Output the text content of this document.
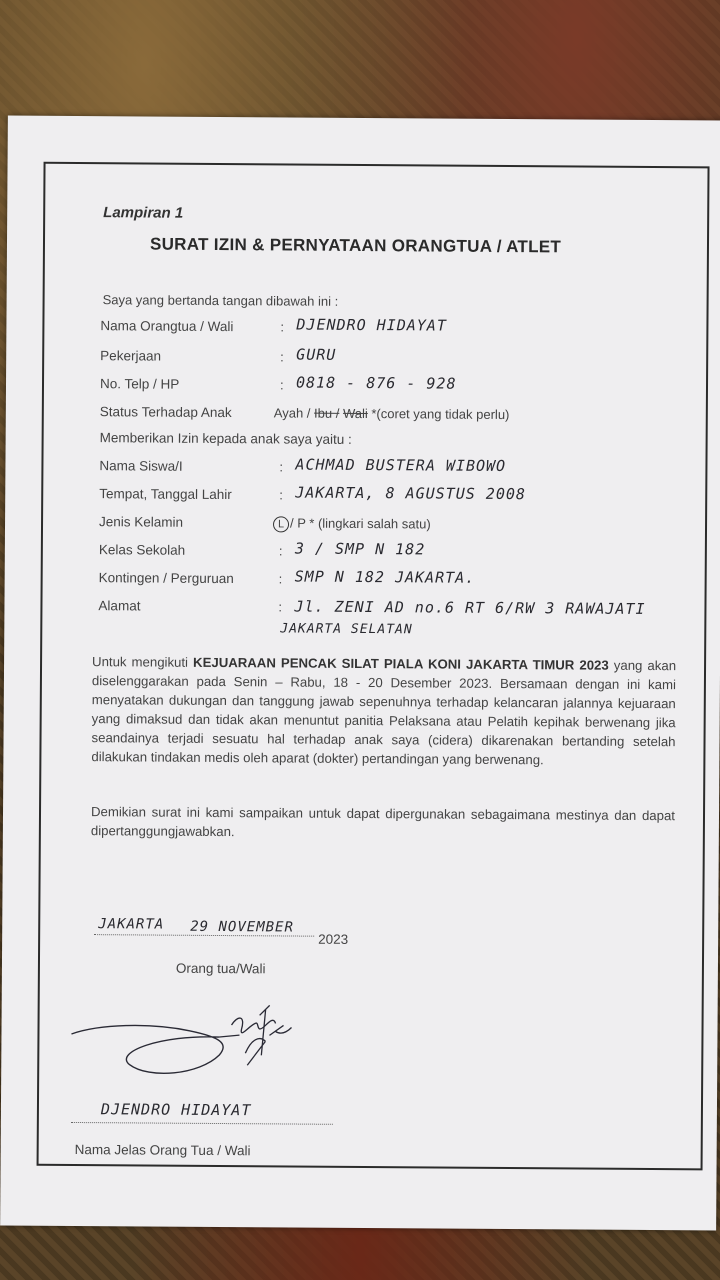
Lampiran 1
SURAT IZIN & PERNYATAAN ORANGTUA / ATLET
Saya yang bertanda tangan dibawah ini :
Nama Orangtua / Wali	: DJENDRO HIDAYAT
Pekerjaan	: GURU
No. Telp / HP	: 0818 - 876 - 928
Status Terhadap Anak	Ayah / Ibu / Wali *(coret yang tidak perlu)
Memberikan Izin kepada anak saya yaitu :
Nama Siswa/I	: ACHMAD BUSTERA WIBOWO
Tempat, Tanggal Lahir	: JAKARTA, 8 AGUSTUS 2008
Jenis Kelamin	L / P * (lingkari salah satu)
Kelas Sekolah	: 3 / SMP N 182
Kontingen / Perguruan	: SMP N 182 JAKARTA.
Alamat	: Jl. ZENI AD no.6 RT 6/RW 3 RAWAJATI
JAKARTA SELATAN
Untuk mengikuti KEJUARAAN PENCAK SILAT PIALA KONI JAKARTA TIMUR 2023 yang akan diselenggarakan pada Senin – Rabu, 18 - 20 Desember 2023. Bersamaan dengan ini kami menyatakan dukungan dan tanggung jawab sepenuhnya terhadap kelancaran jalannya kejuaraan yang dimaksud dan tidak akan menuntut panitia Pelaksana atau Pelatih kepihak berwenang jika seandainya terjadi sesuatu hal terhadap anak saya (cidera) dikarenakan bertanding setelah dilakukan tindakan medis oleh aparat (dokter) pertandingan yang berwenang.
Demikian surat ini kami sampaikan untuk dapat dipergunakan sebagaimana mestinya dan dapat dipertanggungjawabkan.
JAKARTA 29 NOVEMBER
2023
Orang tua/Wali
DJENDRO HIDAYAT
Nama Jelas Orang Tua / Wali
